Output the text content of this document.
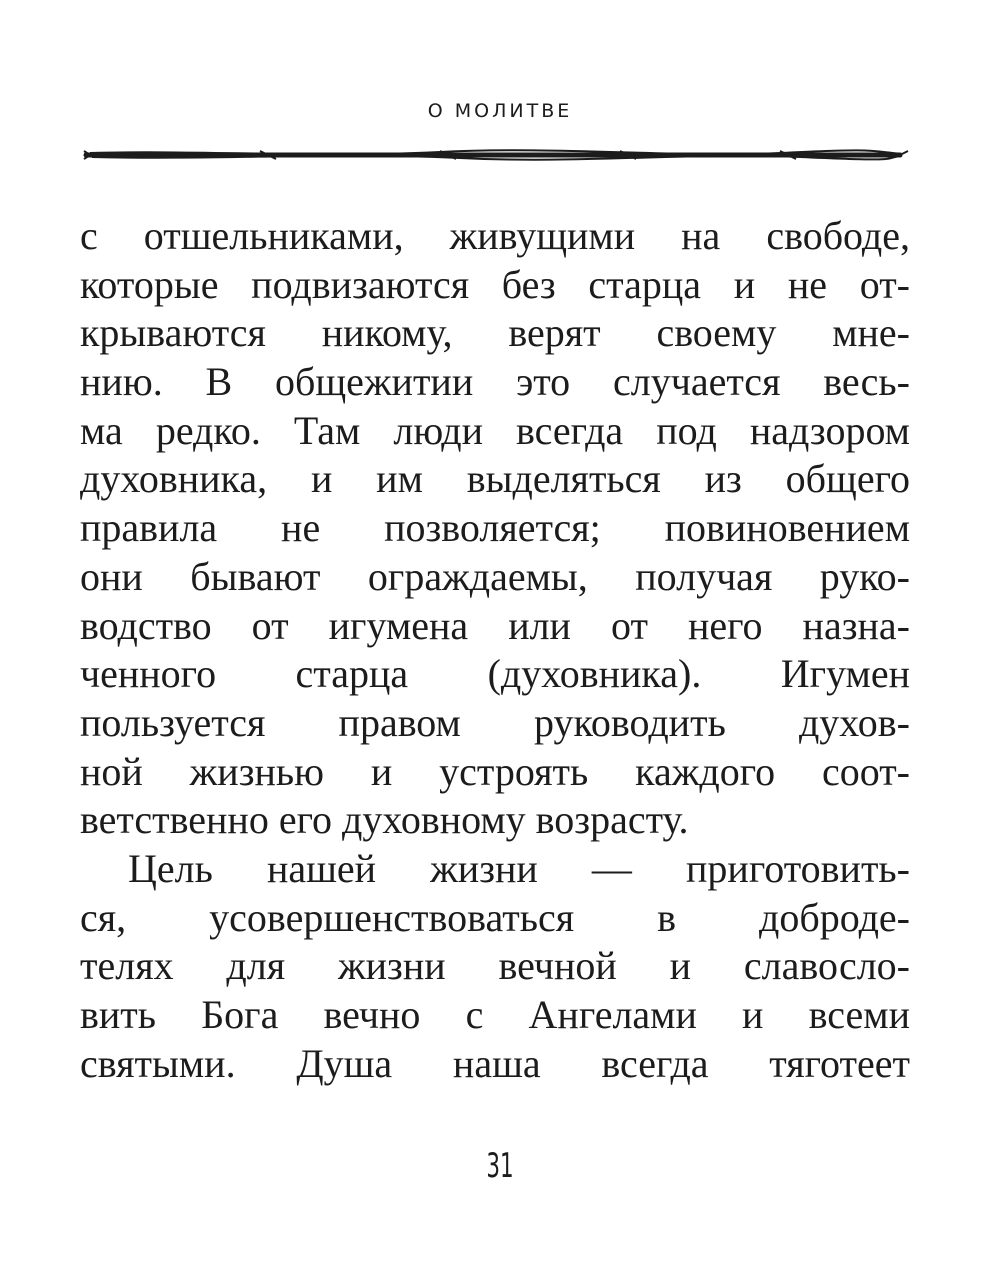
О МОЛИТВЕ
с отшельниками, живущими на свободе,
которые подвизаются без старца и не от-
крываются никому, верят своему мне-
нию. В общежитии это случается весь-
ма редко. Там люди всегда под надзором
духовника, и им выделяться из общего
правила не позволяется; повиновением
они бывают ограждаемы, получая руко-
водство от игумена или от него назна-
ченного старца (духовника). Игумен
пользуется правом руководить духов-
ной жизнью и устроять каждого соот-
ветственно его духовному возрасту.
Цель нашей жизни — приготовить-
ся, усовершенствоваться в доброде-
телях для жизни вечной и славосло-
вить Бога вечно с Ангелами и всеми
святыми. Душа наша всегда тяготеет
31
